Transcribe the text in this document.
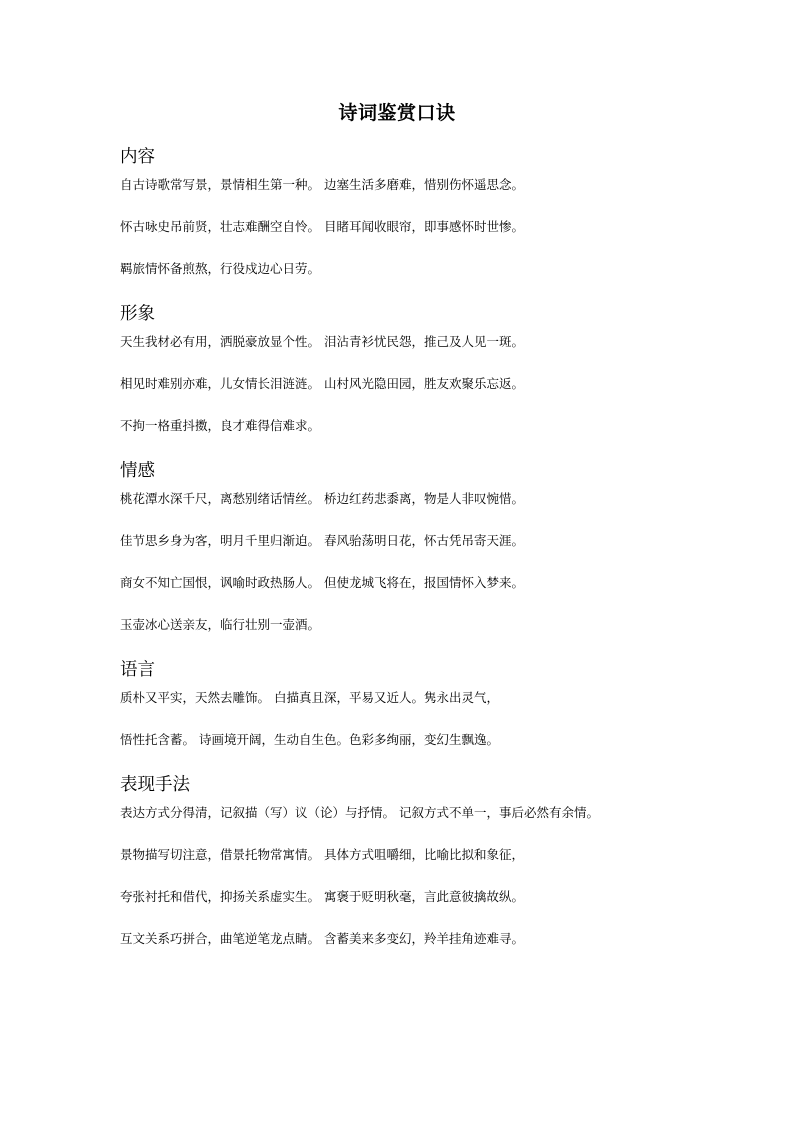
诗词鉴赏口诀
内容
自古诗歌常写景，景情相生第一种。 边塞生活多磨难，惜别伤怀遥思念。
怀古咏史吊前贤，壮志难酬空自怜。 目睹耳闻收眼帘，即事感怀时世惨。
羁旅情怀备煎熬，行役戍边心日劳。
形象
天生我材必有用，洒脱豪放显个性。 泪沾青衫忧民怨，推己及人见一斑。
相见时难别亦难，儿女情长泪涟涟。 山村风光隐田园，胜友欢聚乐忘返。
不拘一格重抖擞，良才难得信难求。
情感
桃花潭水深千尺，离愁别绪话情丝。 桥边红药悲黍离，物是人非叹惋惜。
佳节思乡身为客，明月千里归渐迫。 春风骀荡明日花，怀古凭吊寄天涯。
商女不知亡国恨，讽喻时政热肠人。 但使龙城飞将在，报国情怀入梦来。
玉壶冰心送亲友，临行壮别一壶酒。
语言
质朴又平实，天然去雕饰。 白描真且深，平易又近人。隽永出灵气，
悟性托含蓄。 诗画境开阔，生动自生色。色彩多绚丽，变幻生飘逸。
表现手法
表达方式分得清，记叙描（写）议（论）与抒情。 记叙方式不单一，事后必然有余情。
景物描写切注意，借景托物常寓情。 具体方式咀嚼细，比喻比拟和象征，
夸张衬托和借代，抑扬关系虚实生。 寓褒于贬明秋毫，言此意彼擒故纵。
互文关系巧拼合，曲笔逆笔龙点睛。 含蓄美来多变幻，羚羊挂角迹难寻。
